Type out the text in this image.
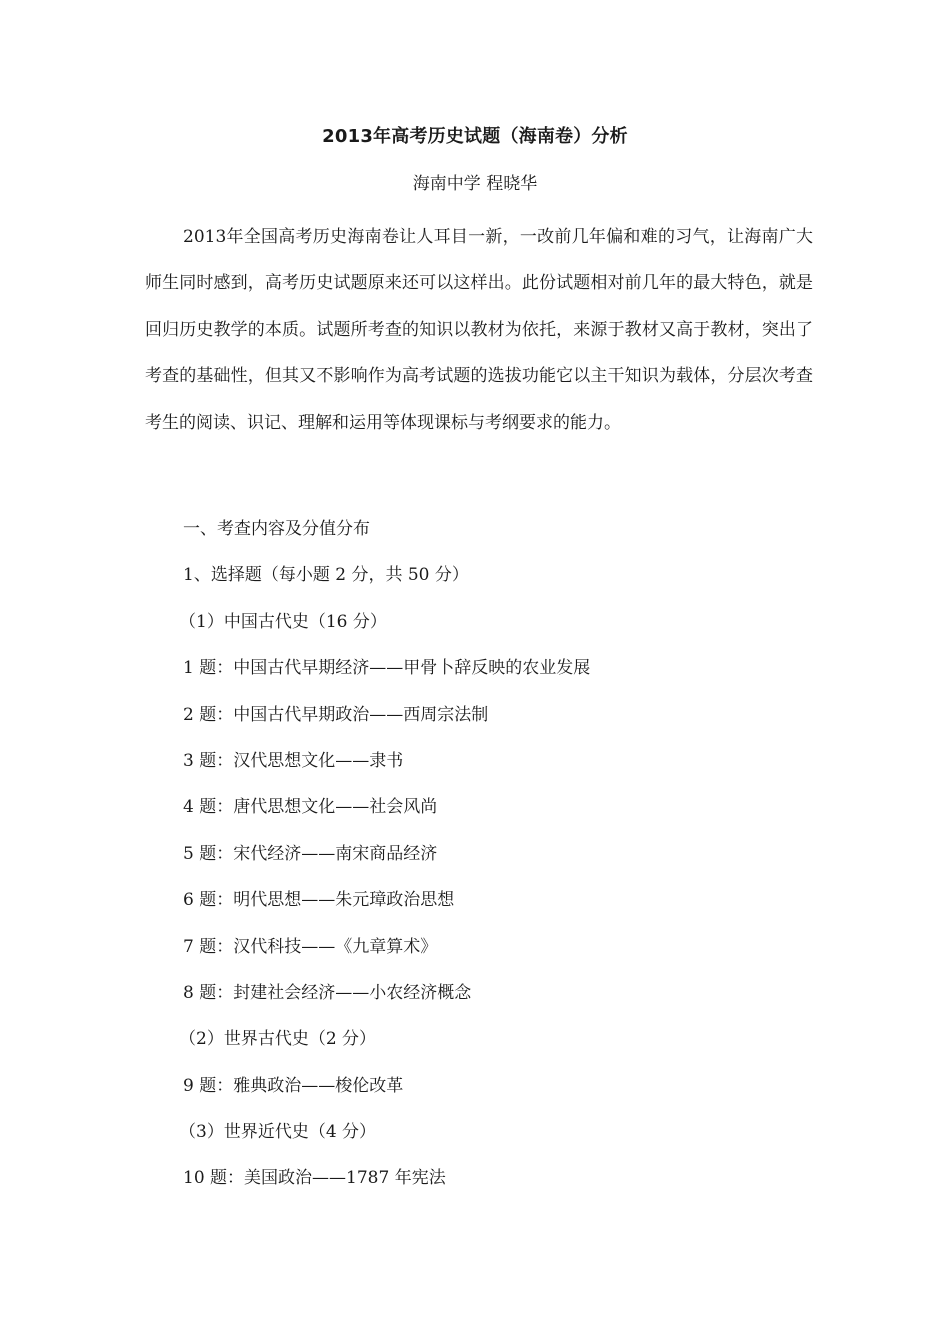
2013年高考历史试题（海南卷）分析
海南中学 程晓华

2013年全国高考历史海南卷让人耳目一新，一改前几年偏和难的习气，让海南广大师生同时感到，高考历史试题原来还可以这样出。此份试题相对前几年的最大特色，就是回归历史教学的本质。试题所考查的知识以教材为依托，来源于教材又高于教材，突出了考查的基础性，但其又不影响作为高考试题的选拔功能它以主干知识为载体，分层次考查考生的阅读、识记、理解和运用等体现课标与考纲要求的能力。

一、考查内容及分值分布
1、选择题（每小题 2 分，共 50 分）
（1）中国古代史（16 分）
1 题：中国古代早期经济——甲骨卜辞反映的农业发展
2 题：中国古代早期政治——西周宗法制
3 题：汉代思想文化——隶书
4 题：唐代思想文化——社会风尚
5 题：宋代经济——南宋商品经济
6 题：明代思想——朱元璋政治思想
7 题：汉代科技——《九章算术》
8 题：封建社会经济——小农经济概念
（2）世界古代史（2 分）
9 题：雅典政治——梭伦改革
（3）世界近代史（4 分）
10 题：美国政治——1787 年宪法
